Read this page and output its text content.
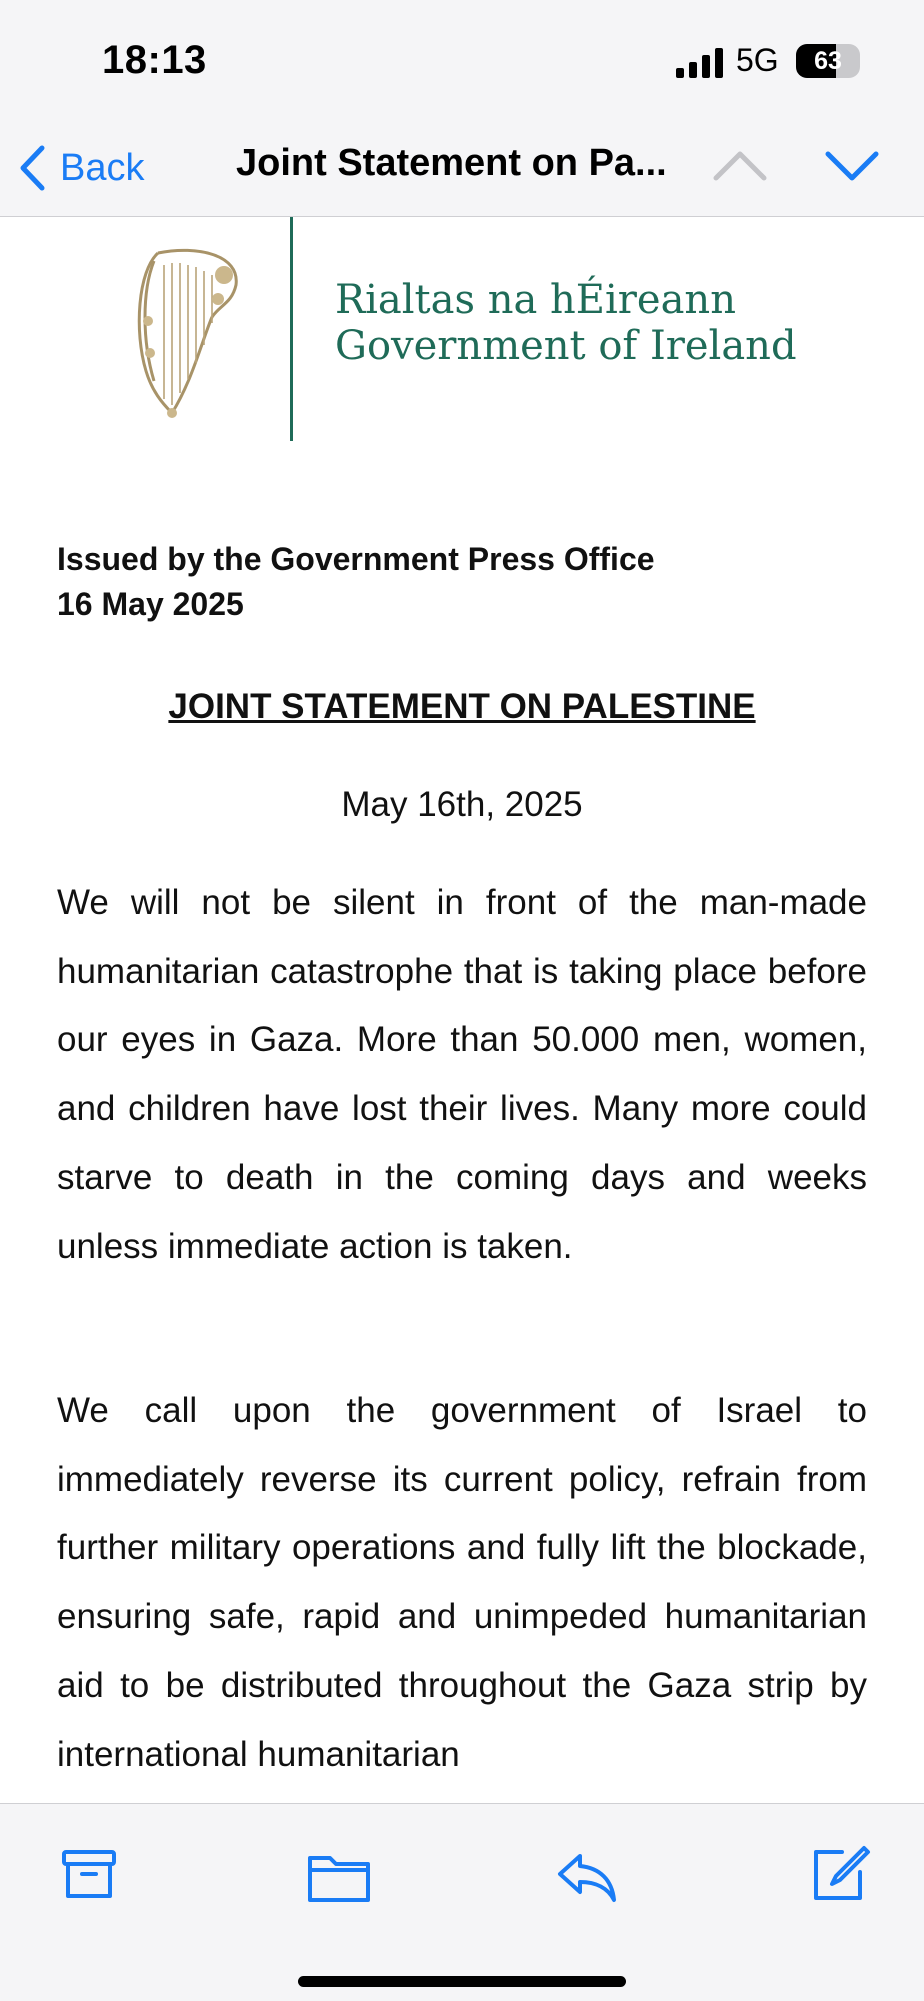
18:13	5G	63
Back Joint Statement on Pa...
Rialtas na hÉireann
Government of Ireland
Issued by the Government Press Office
16 May 2025
JOINT STATEMENT ON PALESTINE
May 16th, 2025

We will not be silent in front of the man-made humanitarian catastrophe that is taking place before our eyes in Gaza. More than 50.000 men, women, and children have lost their lives. Many more could starve to death in the coming days and weeks unless immediate action is taken.

We call upon the government of Israel to immediately reverse its current policy, refrain from further military operations and fully lift the blockade, ensuring safe, rapid and unimpeded humanitarian aid to be distributed throughout the Gaza strip by international humanitarian
